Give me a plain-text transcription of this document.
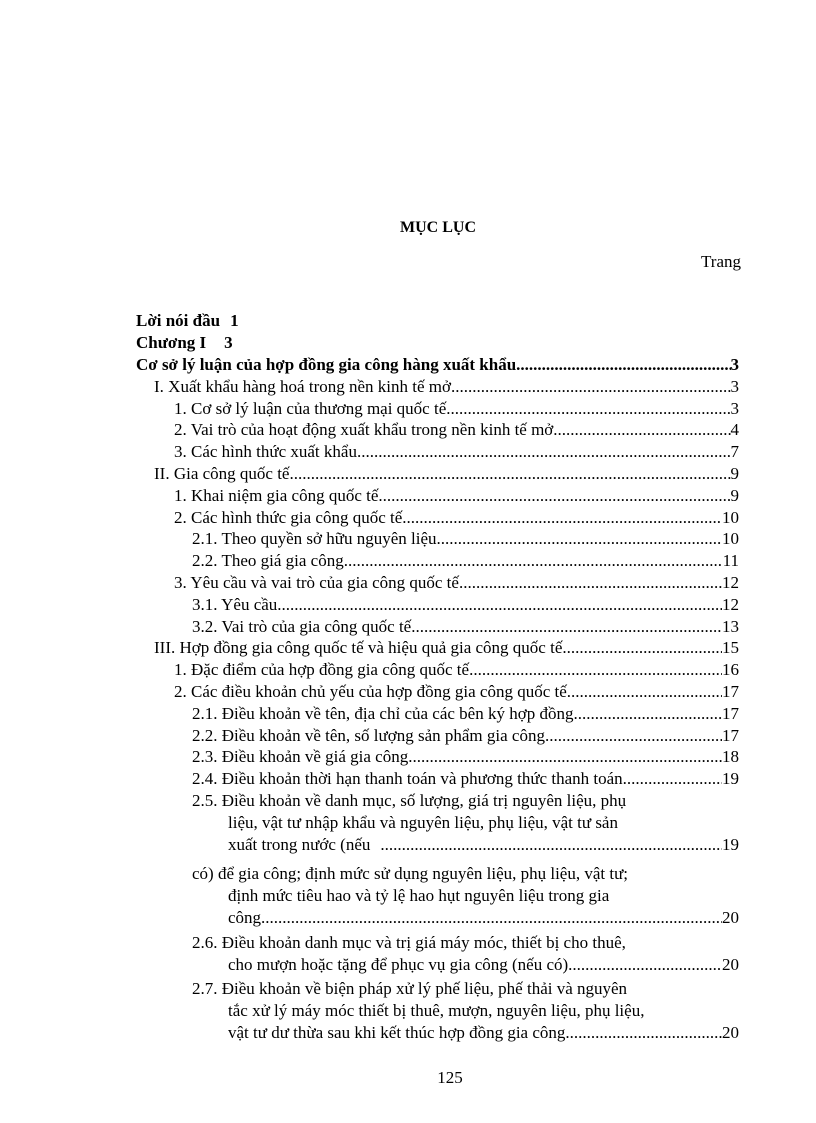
MỤC LỤC
Trang
Lời nói đầu 1
Chương I 3
Cơ sở lý luận của hợp đồng gia công hàng xuất khẩu .....	3
I. Xuất khẩu hàng hoá trong nền kinh tế mở. .....	3
1. Cơ sở lý luận của thương mại quốc tế. .....	3
2. Vai trò của hoạt động xuất khẩu trong nền kinh tế mở. .....	4
3. Các hình thức xuất khẩu. .....	7
II. Gia công quốc tế. .....	9
1. Khai niệm gia công quốc tế. .....	9
2. Các hình thức gia công quốc tế. .....	10
2.1. Theo quyền sở hữu nguyên liệu. .....	10
2.2. Theo giá gia công. .....	11
3. Yêu cầu và vai trò của gia công quốc tế. .....	12
3.1. Yêu cầu. .....	12
3.2. Vai trò của gia công quốc tế. .....	13
III. Hợp đồng gia công quốc tế và hiệu quả gia công quốc tế. .....	15
1. Đặc điểm của hợp đồng gia công quốc tế. .....	16
2. Các điều khoản chủ yếu của hợp đồng gia công quốc tế. .....	17
2.1. Điều khoản về tên, địa chỉ của các bên ký hợp đồng. .....	17
2.2. Điều khoản về tên, số lượng sản phẩm gia công. .....	17
2.3. Điều khoản về giá gia công. .....	18
2.4. Điều khoản thời hạn thanh toán và phương thức thanh toán. .....	19
2.5. Điều khoản về danh mục, số lượng, giá trị nguyên liệu, phụ
liệu, vật tư nhập khẩu và nguyên liệu, phụ liệu, vật tư sản
xuất trong nước (nếu .....	19
có) để gia công; định mức sử dụng nguyên liệu, phụ liệu, vật tư;
định mức tiêu hao và tỷ lệ hao hụt nguyên liệu trong gia
công. .....	20
2.6. Điều khoản danh mục và trị giá máy móc, thiết bị cho thuê,
cho mượn hoặc tặng để phục vụ gia công (nếu có) .....	20
2.7. Điều khoản về biện pháp xử lý phế liệu, phế thải và nguyên
tắc xử lý máy móc thiết bị thuê, mượn, nguyên liệu, phụ liệu,
vật tư dư thừa sau khi kết thúc hợp đồng gia công. .....	20
125
